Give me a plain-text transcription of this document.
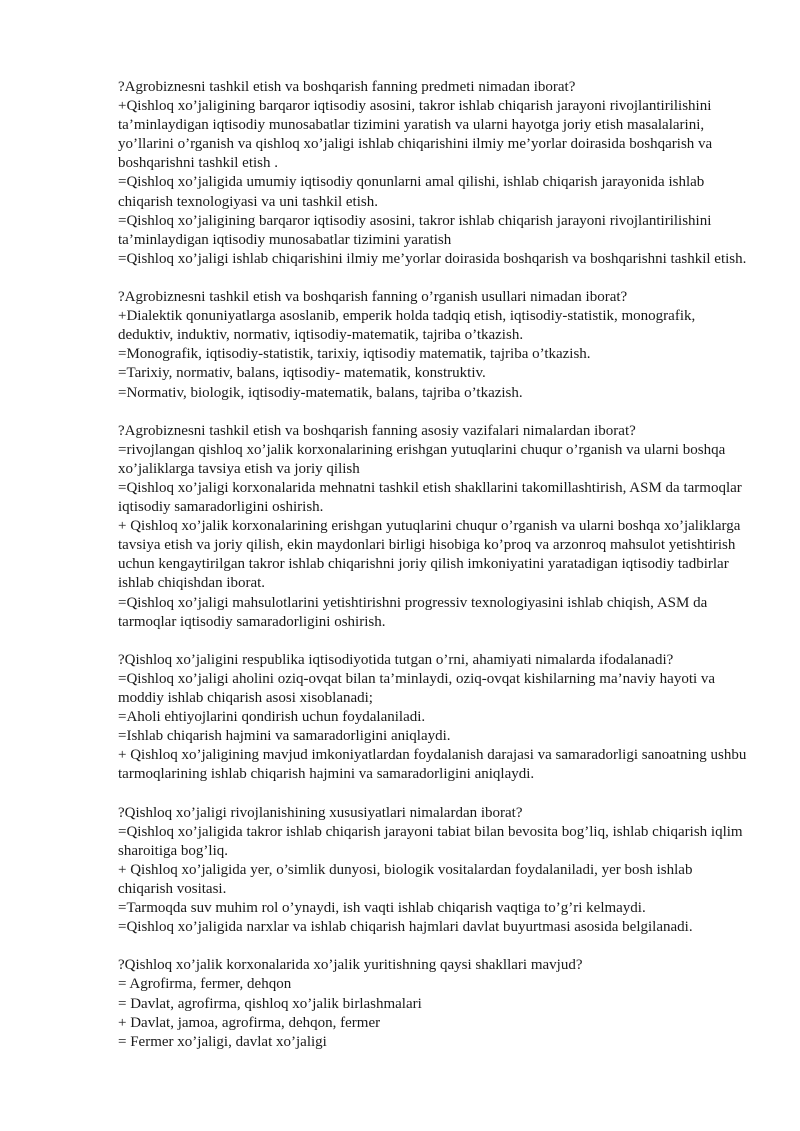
?Agrobiznesni tashkil etish va boshqarish fanning predmeti nimadan iborat?
+Qishloq xo’jaligining barqaror iqtisodiy asosini, takror ishlab chiqarish jarayoni rivojlantirilishini ta’minlaydigan iqtisodiy munosabatlar tizimini yaratish va ularni hayotga joriy etish masalalarini, yo’llarini o’rganish va qishloq xo’jaligi ishlab chiqarishini ilmiy me’yorlar doirasida boshqarish va boshqarishni tashkil etish .
=Qishloq xo’jaligida umumiy iqtisodiy qonunlarni amal qilishi, ishlab chiqarish jarayonida ishlab chiqarish texnologiyasi va uni tashkil etish.
=Qishloq xo’jaligining barqaror iqtisodiy asosini, takror ishlab chiqarish jarayoni rivojlantirilishini ta’minlaydigan iqtisodiy munosabatlar tizimini yaratish
=Qishloq xo’jaligi ishlab chiqarishini ilmiy me’yorlar doirasida boshqarish va boshqarishni tashkil etish.
?Agrobiznesni tashkil etish va boshqarish fanning o’rganish usullari nimadan iborat?
+Dialektik qonuniyatlarga asoslanib, emperik holda tadqiq etish, iqtisodiy-statistik, monografik, deduktiv, induktiv, normativ, iqtisodiy-matematik, tajriba o’tkazish.
=Monografik, iqtisodiy-statistik, tarixiy, iqtisodiy matematik, tajriba o’tkazish.
=Tarixiy, normativ, balans, iqtisodiy- matematik, konstruktiv.
=Normativ, biologik, iqtisodiy-matematik, balans, tajriba o’tkazish.
?Agrobiznesni tashkil etish va boshqarish fanning asosiy vazifalari nimalardan iborat?
=rivojlangan qishloq xo’jalik korxonalarining erishgan yutuqlarini chuqur o’rganish va ularni boshqa xo’jaliklarga tavsiya etish va joriy qilish
=Qishloq xo’jaligi korxonalarida mehnatni tashkil etish shakllarini takomillashtirish, ASM da tarmoqlar iqtisodiy samaradorligini oshirish.
+ Qishloq xo’jalik korxonalarining erishgan yutuqlarini chuqur o’rganish va ularni boshqa xo’jaliklarga tavsiya etish va joriy qilish, ekin maydonlari birligi hisobiga ko’proq va arzonroq mahsulot yetishtirish uchun kengaytirilgan takror ishlab chiqarishni joriy qilish imkoniyatini yaratadigan iqtisodiy tadbirlar ishlab chiqishdan iborat.
=Qishloq xo’jaligi mahsulotlarini yetishtirishni progressiv texnologiyasini ishlab chiqish, ASM da tarmoqlar iqtisodiy samaradorligini oshirish.
?Qishloq xo’jaligini respublika iqtisodiyotida tutgan o’rni, ahamiyati nimalarda ifodalanadi?
=Qishloq xo’jaligi aholini oziq-ovqat bilan ta’minlaydi, oziq-ovqat kishilarning ma’naviy hayoti va moddiy ishlab chiqarish asosi xisoblanadi;
=Aholi ehtiyojlarini qondirish uchun foydalaniladi.
=Ishlab chiqarish hajmini va samaradorligini aniqlaydi.
+ Qishloq xo’jaligining mavjud imkoniyatlardan foydalanish darajasi va samaradorligi sanoatning ushbu tarmoqlarining ishlab chiqarish hajmini va samaradorligini aniqlaydi.
?Qishloq xo’jaligi rivojlanishining xususiyatlari nimalardan iborat?
=Qishloq xo’jaligida takror ishlab chiqarish jarayoni tabiat bilan bevosita bog’liq, ishlab chiqarish iqlim sharoitiga bog’liq.
+ Qishloq xo’jaligida yer, o’simlik dunyosi, biologik vositalardan foydalaniladi, yer bosh ishlab chiqarish vositasi.
=Tarmoqda suv muhim rol o’ynaydi, ish vaqti ishlab chiqarish vaqtiga to’g’ri kelmaydi.
=Qishloq xo’jaligida narxlar va ishlab chiqarish hajmlari davlat buyurtmasi asosida belgilanadi.
?Qishloq xo’jalik korxonalarida xo’jalik yuritishning qaysi shakllari mavjud?
= Agrofirma, fermer, dehqon
= Davlat, agrofirma, qishloq xo’jalik birlashmalari
+ Davlat, jamoa, agrofirma, dehqon, fermer
= Fermer xo’jaligi, davlat xo’jaligi
